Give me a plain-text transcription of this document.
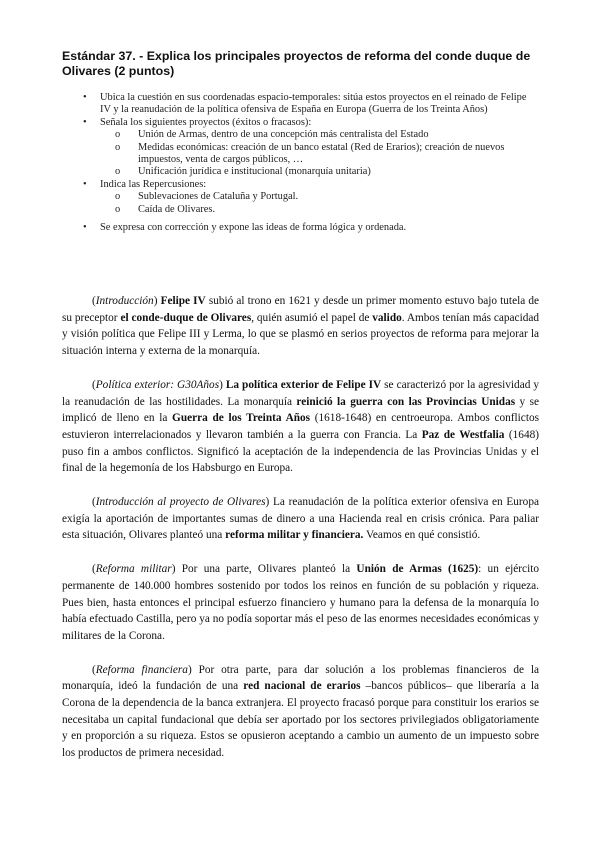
Estándar 37. - Explica los principales proyectos de reforma del conde duque de
Olivares (2 puntos)
• Ubica la cuestión en sus coordenadas espacio-temporales: sitúa estos proyectos en el reinado de Felipe IV y la reanudación de la política ofensiva de España en Europa (Guerra de los Treinta Años)
• Señala los siguientes proyectos (éxitos o fracasos):
o Unión de Armas, dentro de una concepción más centralista del Estado
o Medidas económicas: creación de un banco estatal (Red de Erarios); creación de nuevos impuestos, venta de cargos públicos, …
o Unificación jurídica e institucional (monarquía unitaria)
• Indica las Repercusiones:
o Sublevaciones de Cataluña y Portugal.
o Caída de Olivares.
• Se expresa con corrección y expone las ideas de forma lógica y ordenada.

(Introducción) Felipe IV subió al trono en 1621 y desde un primer momento estuvo bajo tutela de su preceptor el conde-duque de Olivares, quién asumió el papel de valido. Ambos tenían más capacidad y visión política que Felipe III y Lerma, lo que se plasmó en serios proyectos de reforma para mejorar la situación interna y externa de la monarquía.

(Política exterior: G30Años) La política exterior de Felipe IV se caracterizó por la agresividad y la reanudación de las hostilidades. La monarquía reinició la guerra con las Provincias Unidas y se implicó de lleno en la Guerra de los Treinta Años (1618-1648) en centroeuropa. Ambos conflictos estuvieron interrelacionados y llevaron también a la guerra con Francia. La Paz de Westfalia (1648) puso fin a ambos conflictos. Significó la aceptación de la independencia de las Provincias Unidas y el final de la hegemonía de los Habsburgo en Europa.

(Introducción al proyecto de Olivares) La reanudación de la política exterior ofensiva en Europa exigía la aportación de importantes sumas de dinero a una Hacienda real en crisis crónica. Para paliar esta situación, Olivares planteó una reforma militar y financiera. Veamos en qué consistió.

(Reforma militar) Por una parte, Olivares planteó la Unión de Armas (1625): un ejército permanente de 140.000 hombres sostenido por todos los reinos en función de su población y riqueza. Pues bien, hasta entonces el principal esfuerzo financiero y humano para la defensa de la monarquía lo había efectuado Castilla, pero ya no podía soportar más el peso de las enormes necesidades económicas y militares de la Corona.

(Reforma financiera) Por otra parte, para dar solución a los problemas financieros de la monarquía, ideó la fundación de una red nacional de erarios –bancos públicos– que liberaría a la Corona de la dependencia de la banca extranjera. El proyecto fracasó porque para constituir los erarios se necesitaba un capital fundacional que debía ser aportado por los sectores privilegiados obligatoriamente y en proporción a su riqueza. Estos se opusieron aceptando a cambio un aumento de un impuesto sobre los productos de primera necesidad.
